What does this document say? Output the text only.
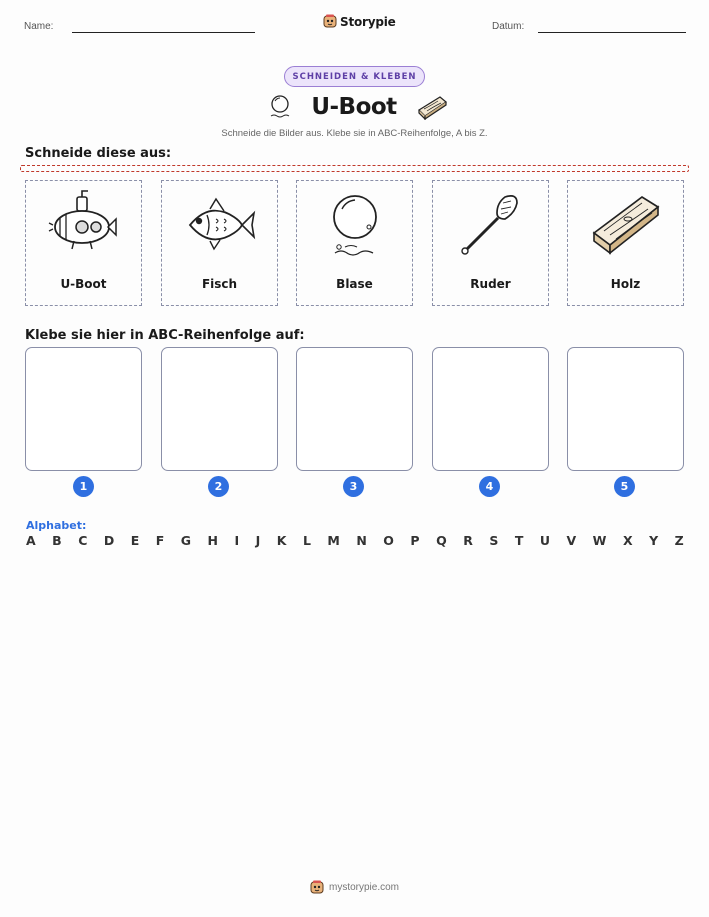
Name:	Storypie	Datum:
SCHNEIDEN & KLEBEN
U-Boot
Schneide die Bilder aus. Klebe sie in ABC-Reihenfolge, A bis Z.
Schneide diese aus:
U-Boot	Fisch	Blase	Ruder	Holz
Klebe sie hier in ABC-Reihenfolge auf:
1	2	3	4	5
Alphabet:
A B C D E F G H I J K L M N O P Q R S T U V W X Y Z
mystorypie.com
